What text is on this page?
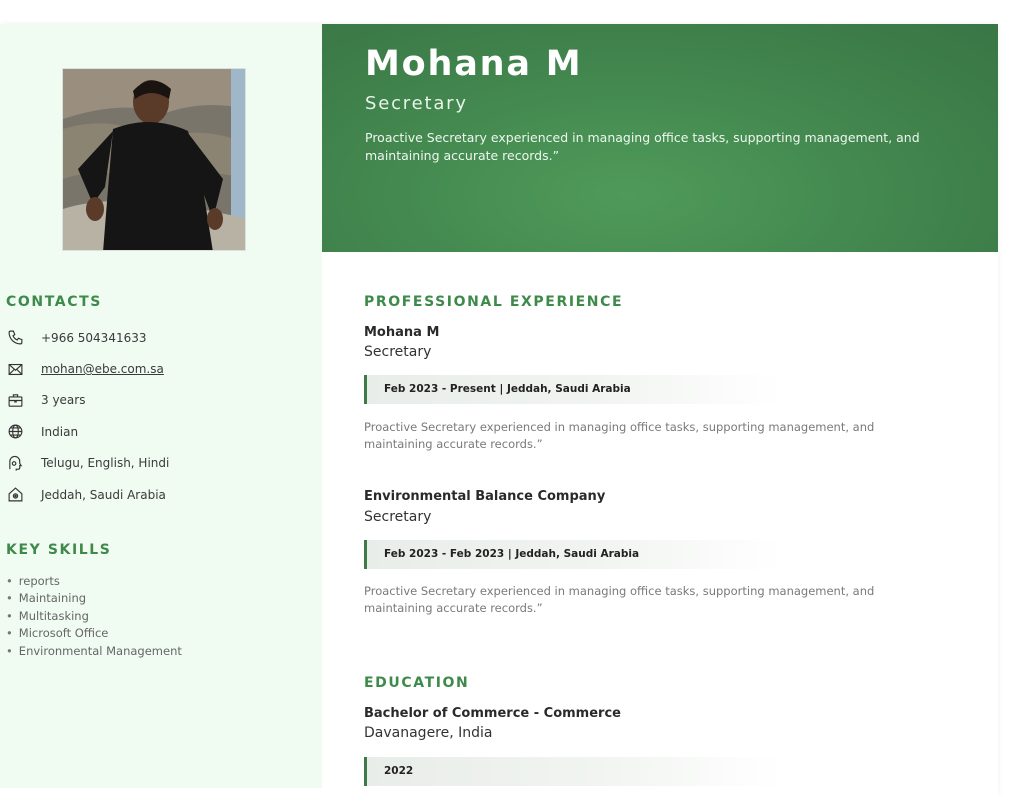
CONTACTS
+966 504341633
mohan@ebe.com.sa
3 years
Indian
Telugu, English, Hindi
Jeddah, Saudi Arabia
KEY SKILLS
• reports
• Maintaining
• Multitasking
• Microsoft Office
• Environmental Management
Mohana M
Secretary
Proactive Secretary experienced in managing office tasks, supporting management, and maintaining accurate records.”
PROFESSIONAL EXPERIENCE
Mohana M
Secretary
Feb 2023 - Present | Jeddah, Saudi Arabia
Proactive Secretary experienced in managing office tasks, supporting management, and maintaining accurate records.”
Environmental Balance Company
Secretary
Feb 2023 - Feb 2023 | Jeddah, Saudi Arabia
Proactive Secretary experienced in managing office tasks, supporting management, and maintaining accurate records.”
EDUCATION
Bachelor of Commerce - Commerce
Davanagere, India
2022
